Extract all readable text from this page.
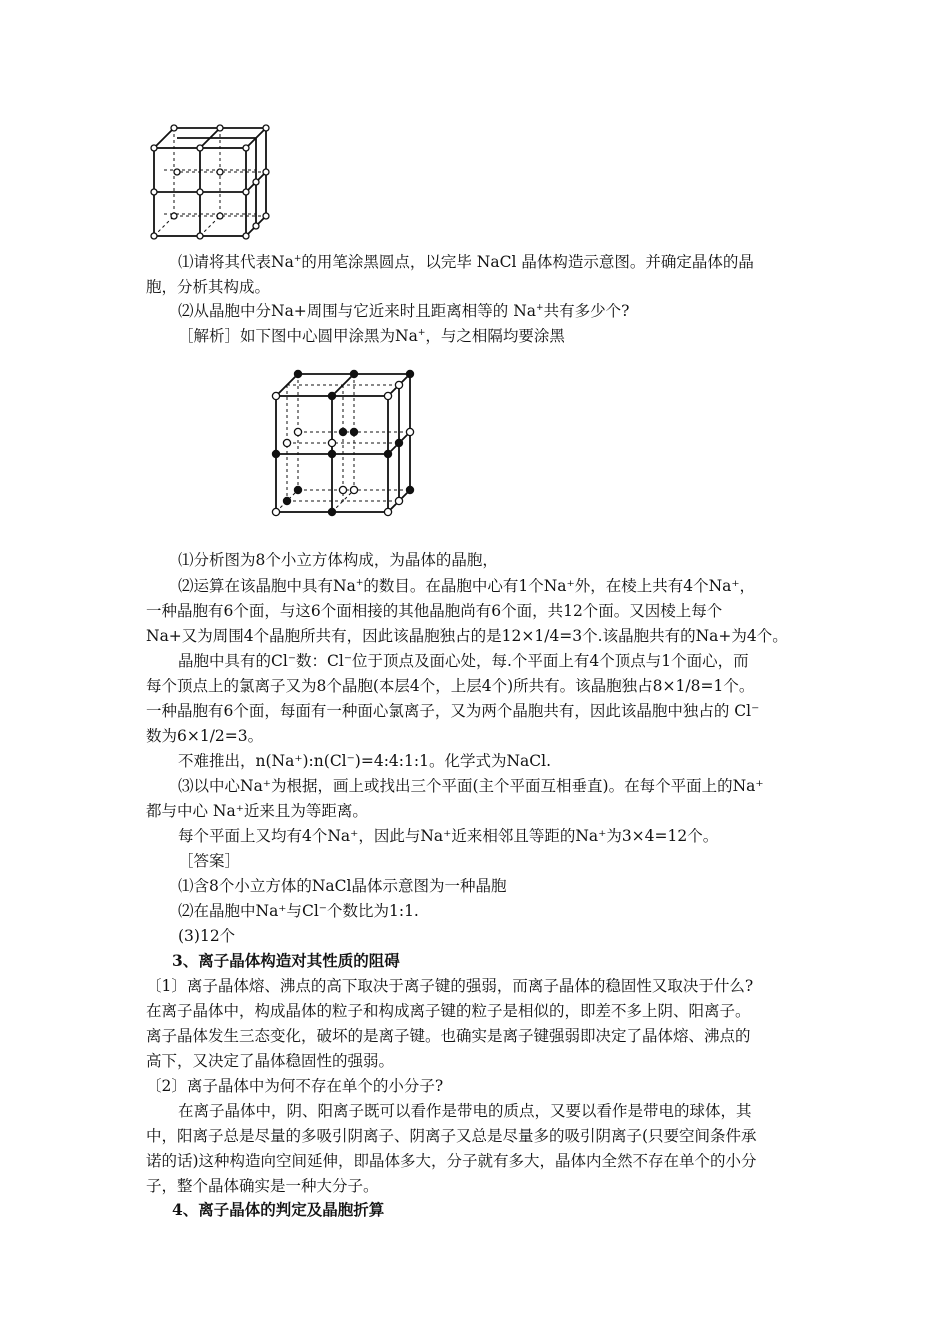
⑴请将其代表Na+的用笔涂黑圆点，以完毕 NaCl 晶体构造示意图。并确定晶体的晶
胞，分析其构成。
⑵从晶胞中分Na+周围与它近来时且距离相等的 Na+共有多少个?
［解析］如下图中心圆甲涂黑为Na+，与之相隔均要涂黑
⑴分析图为8个小立方体构成，为晶体的晶胞，
⑵运算在该晶胞中具有Na+的数目。在晶胞中心有1个Na⁺外，在棱上共有4个Na⁺，
一种晶胞有6个面，与这6个面相接的其他晶胞尚有6个面，共12个面。又因棱上每个
Na+又为周围4个晶胞所共有，因此该晶胞独占的是12×1/4=3个.该晶胞共有的Na+为4个。
晶胞中具有的Cl⁻数：Cl⁻位于顶点及面心处，每.个平面上有4个顶点与1个面心，而
每个顶点上的氯离子又为8个晶胞(本层4个，上层4个)所共有。该晶胞独占8×1/8=1个。
一种晶胞有6个面，每面有一种面心氯离子，又为两个晶胞共有，因此该晶胞中独占的 Cl⁻
数为6×1/2=3。
不难推出，n(Na⁺):n(Cl⁻)=4:4:1:1。化学式为NaCl.
⑶以中心Na⁺为根据，画上或找出三个平面(主个平面互相垂直)。在每个平面上的Na⁺
都与中心 Na⁺近来且为等距离。
每个平面上又均有4个Na⁺，因此与Na⁺近来相邻且等距的Na⁺为3×4=12个。
［答案］
⑴含8个小立方体的NaCl晶体示意图为一种晶胞
⑵在晶胞中Na⁺与Cl⁻个数比为1:1.
(3)12个
3、离子晶体构造对其性质的阻碍
〔1〕离子晶体熔、沸点的高下取决于离子键的强弱，而离子晶体的稳固性又取决于什么?
在离子晶体中，构成晶体的粒子和构成离子键的粒子是相似的，即差不多上阴、阳离子。
离子晶体发生三态变化，破坏的是离子键。也确实是离子键强弱即决定了晶体熔、沸点的
高下，又决定了晶体稳固性的强弱。
〔2〕离子晶体中为何不存在单个的小分子?
在离子晶体中，阴、阳离子既可以看作是带电的质点，又要以看作是带电的球体，其
中，阳离子总是尽量的多吸引阴离子、阴离子又总是尽量多的吸引阴离子(只要空间条件承
诺的话)这种构造向空间延伸，即晶体多大，分子就有多大，晶体内全然不存在单个的小分
子，整个晶体确实是一种大分子。
4、离子晶体的判定及晶胞折算
